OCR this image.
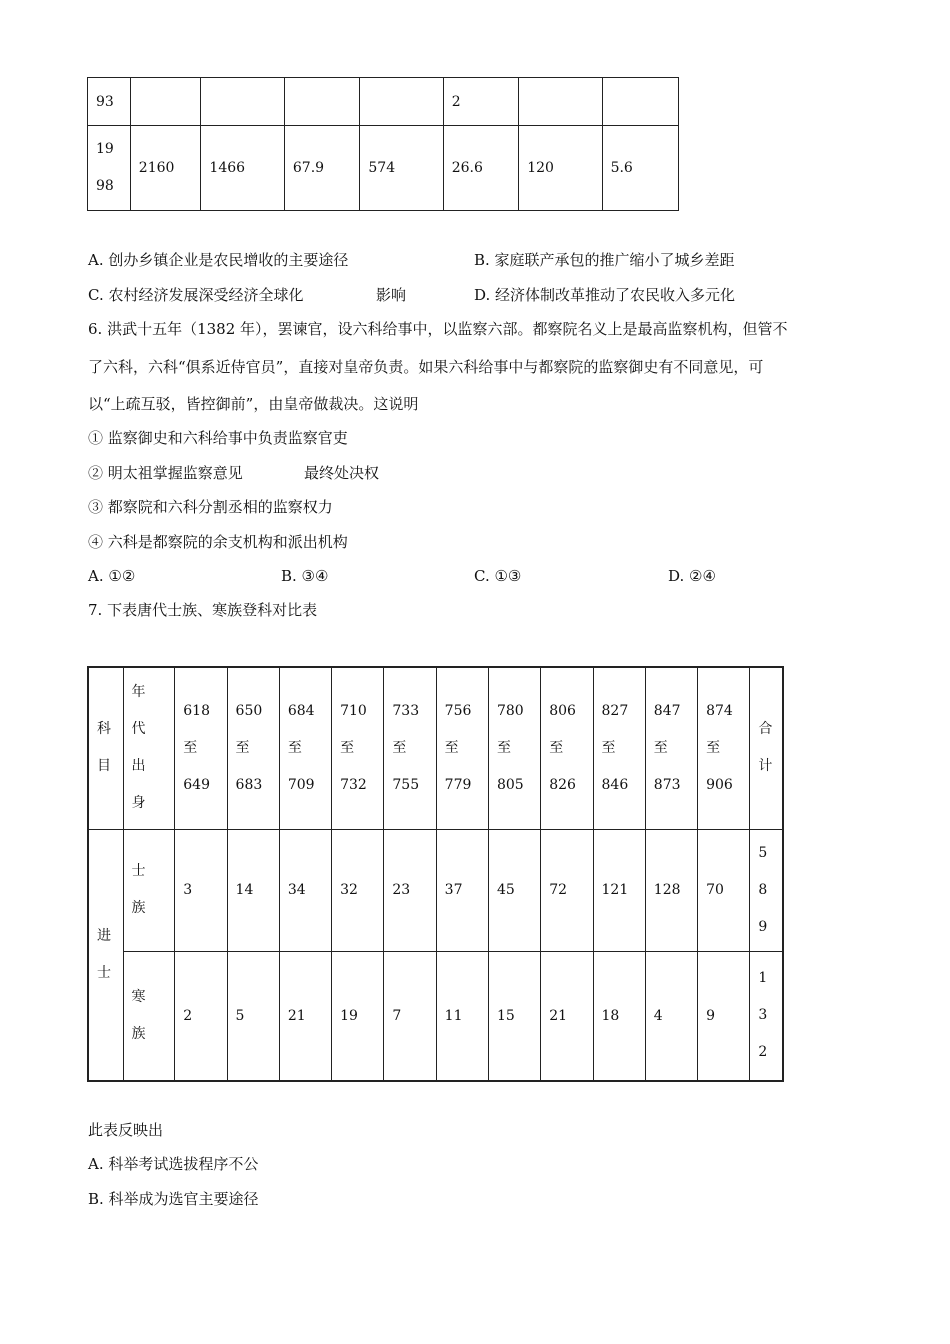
93					2		

19
98	2160	1466	67.9	574	26.6	120	5.6
A. 创办乡镇企业是农民增收的主要途径	B. 家庭联产承包的推广缩小了城乡差距
C. 农村经济发展深受经济全球化	影响	D. 经济体制改革推动了农民收入多元化
6. 洪武十五年（1382 年），罢谏官，设六科给事中，以监察六部。都察院名义上是最高监察机构，但管不
了六科，六科“俱系近侍官员”，直接对皇帝负责。如果六科给事中与都察院的监察御史有不同意见，可
以“上疏互驳，皆控御前”，由皇帝做裁决。这说明
① 监察御史和六科给事中负责监察官吏
② 明太祖掌握监察意见	最终处决权
③ 都察院和六科分割丞相的监察权力
④ 六科是都察院的余支机构和派出机构
A. ①②	B. ③④	C. ①③	D. ②④
7. 下表唐代士族、寒族登科对比表
科
目	年
代
出
身	618
至
649	650
至
683	684
至
709	710
至
732	733
至
755	756
至
779	780
至
805	806
至
826	827
至
846	847
至
873	874
至
906	合
计

进
士	士
族	3	14	34	32	23	37	45	72	121	128	70	5
8
9

	寒
族	2	5	21	19	7	11	15	21	18	4	9	1
3
2
此表反映出
A. 科举考试选拔程序不公
B. 科举成为选官主要途径
